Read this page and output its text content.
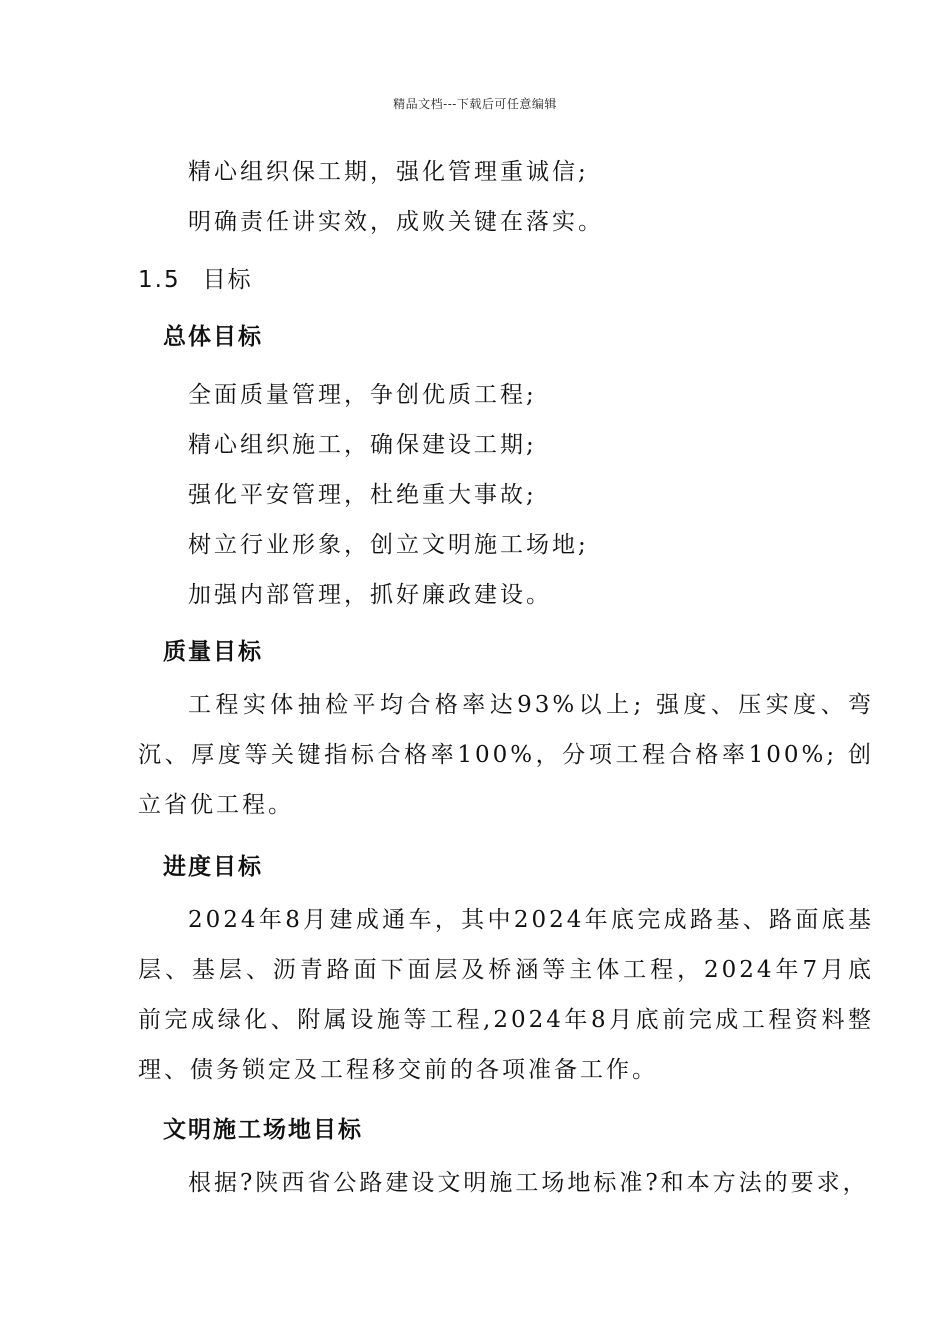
精品文档---下载后可任意编辑
精心组织保工期，强化管理重诚信;
明确责任讲实效，成败关键在落实。
1.5 目标
总体目标
全面质量管理，争创优质工程;
精心组织施工，确保建设工期;
强化平安管理，杜绝重大事故;
树立行业形象，创立文明施工场地;
加强内部管理，抓好廉政建设。
质量目标
工程实体抽检平均合格率达93%以上; 强度、压实度、弯沉、厚度等关键指标合格率100%，分项工程合格率100%; 创立省优工程。
进度目标
2024年8月建成通车，其中2024年底完成路基、路面底基层、基层、沥青路面下面层及桥涵等主体工程，2024年7月底前完成绿化、附属设施等工程,2024年8月底前完成工程资料整理、债务锁定及工程移交前的各项准备工作。
文明施工场地目标
根据?陕西省公路建设文明施工场地标准?和本方法的要求，
